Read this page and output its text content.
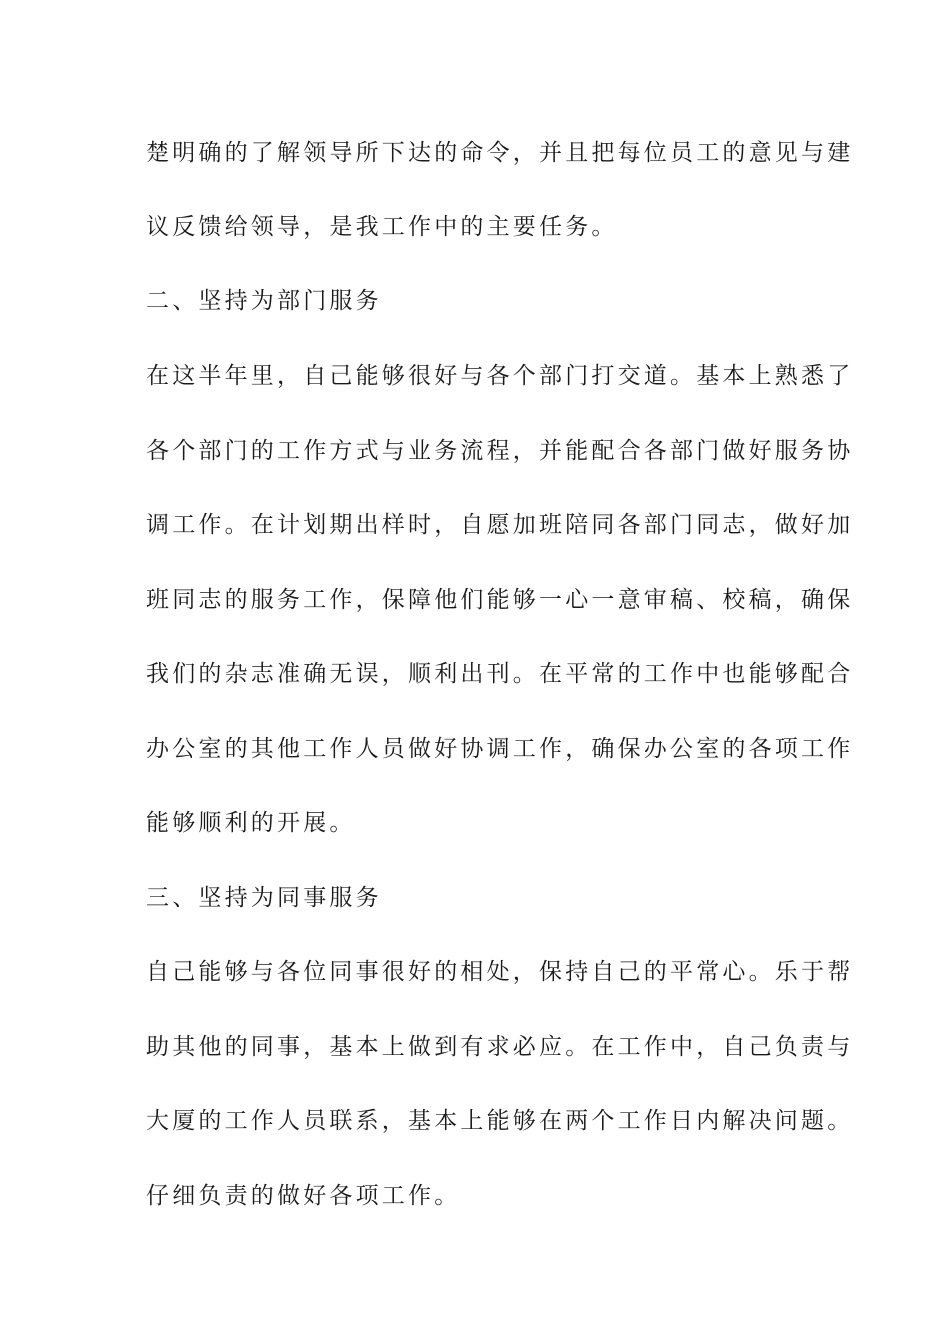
楚明确的了解领导所下达的命令，并且把每位员工的意见与建
议反馈给领导，是我工作中的主要任务。
二、坚持为部门服务
在这半年里，自己能够很好与各个部门打交道。基本上熟悉了
各个部门的工作方式与业务流程，并能配合各部门做好服务协
调工作。在计划期出样时，自愿加班陪同各部门同志，做好加
班同志的服务工作，保障他们能够一心一意审稿、校稿，确保
我们的杂志准确无误，顺利出刊。在平常的工作中也能够配合
办公室的其他工作人员做好协调工作，确保办公室的各项工作
能够顺利的开展。
三、坚持为同事服务
自己能够与各位同事很好的相处，保持自己的平常心。乐于帮
助其他的同事，基本上做到有求必应。在工作中，自己负责与
大厦的工作人员联系，基本上能够在两个工作日内解决问题。
仔细负责的做好各项工作。
